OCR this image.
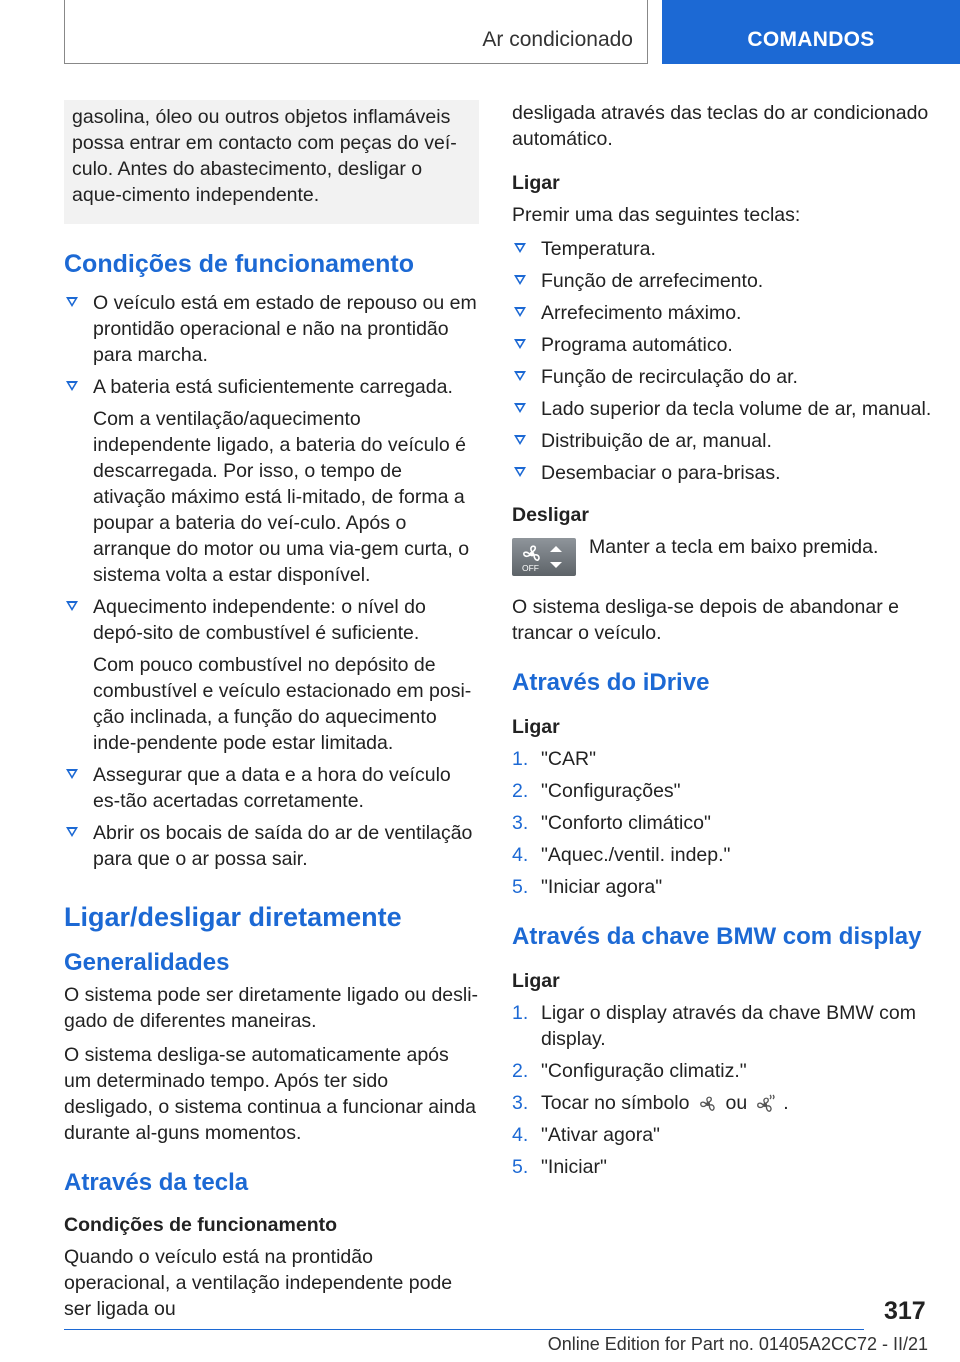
Ar condicionado	COMANDOS

gasolina, óleo ou outros objetos inflamáveis possa entrar em contacto com peças do veí-culo. Antes do abastecimento, desligar o aque-cimento independente.

Condições de funcionamento
O veículo está em estado de repouso ou em prontidão operacional e não na prontidão para marcha.
A bateria está suficientemente carregada.
Com a ventilação/aquecimento independente ligado, a bateria do veículo é descarregada. Por isso, o tempo de ativação máximo está li-mitado, de forma a poupar a bateria do veí-culo. Após o arranque do motor ou uma via-gem curta, o sistema volta a estar disponível.
Aquecimento independente: o nível do depó-sito de combustível é suficiente.
Com pouco combustível no depósito de combustível e veículo estacionado em posi-ção inclinada, a função do aquecimento inde-pendente pode estar limitada.
Assegurar que a data e a hora do veículo es-tão acertadas corretamente.
Abrir os bocais de saída do ar de ventilação para que o ar possa sair.
Ligar/desligar diretamente
Generalidades

O sistema pode ser diretamente ligado ou desli-gado de diferentes maneiras.

O sistema desliga-se automaticamente após um determinado tempo. Após ter sido desligado, o sistema continua a funcionar ainda durante al-guns momentos.

Através da tecla
Condições de funcionamento

Quando o veículo está na prontidão operacional, a ventilação independente pode ser ligada ou

desligada através das teclas do ar condicionado automático.

Ligar

Premir uma das seguintes teclas:

Temperatura.
Função de arrefecimento.
Arrefecimento máximo.
Programa automático.
Função de recirculação do ar.
Lado superior da tecla volume de ar, manual.
Distribuição de ar, manual.
Desembaciar o para-brisas.
Desligar
OFF

Manter a tecla em baixo premida.

O sistema desliga-se depois de abandonar e trancar o veículo.

Através do iDrive
Ligar
1. "CAR"
2. "Configurações"
3. "Conforto climático"
4. "Aquec./ventil. indep."
5. "Iniciar agora"
Através da chave BMW com display
Ligar
1. Ligar o display através da chave BMW com display.
2. "Configuração climatiz."
3. Tocar no símbolo ou .
4. "Ativar agora"
5. "Iniciar"
317
Online Edition for Part no. 01405A2CC72 - II/21
